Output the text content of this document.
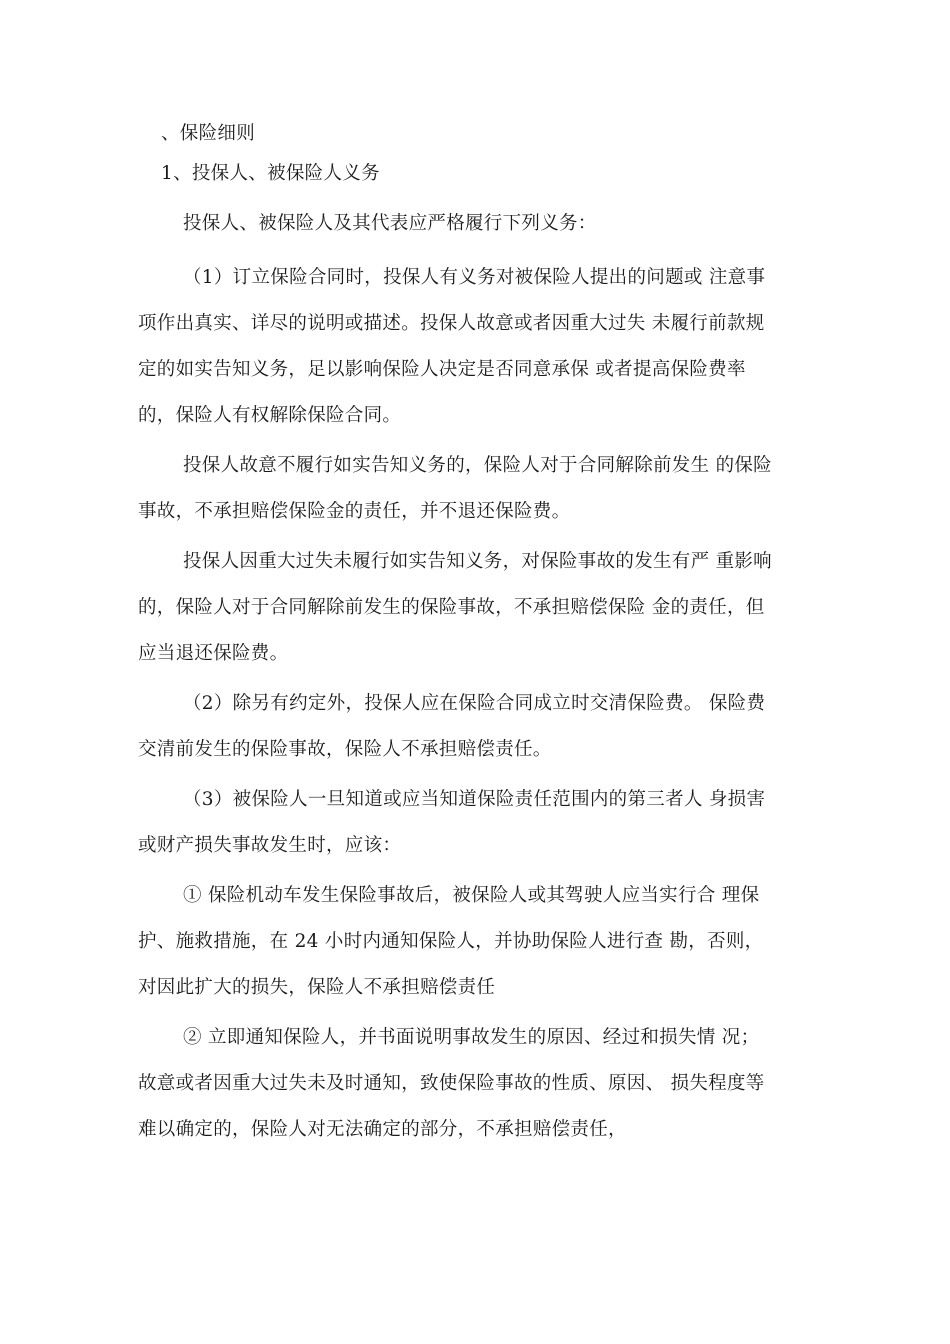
、保险细则
1、投保人、被保险人义务
投保人、被保险人及其代表应严格履行下列义务：
（1）订立保险合同时，投保人有义务对被保险人提出的问题或 注意事
项作出真实、详尽的说明或描述。投保人故意或者因重大过失 未履行前款规
定的如实告知义务，足以影响保险人决定是否同意承保 或者提高保险费率
的，保险人有权解除保险合同。
投保人故意不履行如实告知义务的，保险人对于合同解除前发生 的保险
事故，不承担赔偿保险金的责任，并不退还保险费。
投保人因重大过失未履行如实告知义务，对保险事故的发生有严 重影响
的，保险人对于合同解除前发生的保险事故，不承担赔偿保险 金的责任，但
应当退还保险费。
（2）除另有约定外，投保人应在保险合同成立时交清保险费。 保险费
交清前发生的保险事故，保险人不承担赔偿责任。
（3）被保险人一旦知道或应当知道保险责任范围内的第三者人 身损害
或财产损失事故发生时，应该：
① 保险机动车发生保险事故后，被保险人或其驾驶人应当实行合 理保
护、施救措施，在 24 小时内通知保险人，并协助保险人进行查 勘，否则，
对因此扩大的损失，保险人不承担赔偿责任
② 立即通知保险人，并书面说明事故发生的原因、经过和损失情 况；
故意或者因重大过失未及时通知，致使保险事故的性质、原因、 损失程度等
难以确定的，保险人对无法确定的部分，不承担赔偿责任，
